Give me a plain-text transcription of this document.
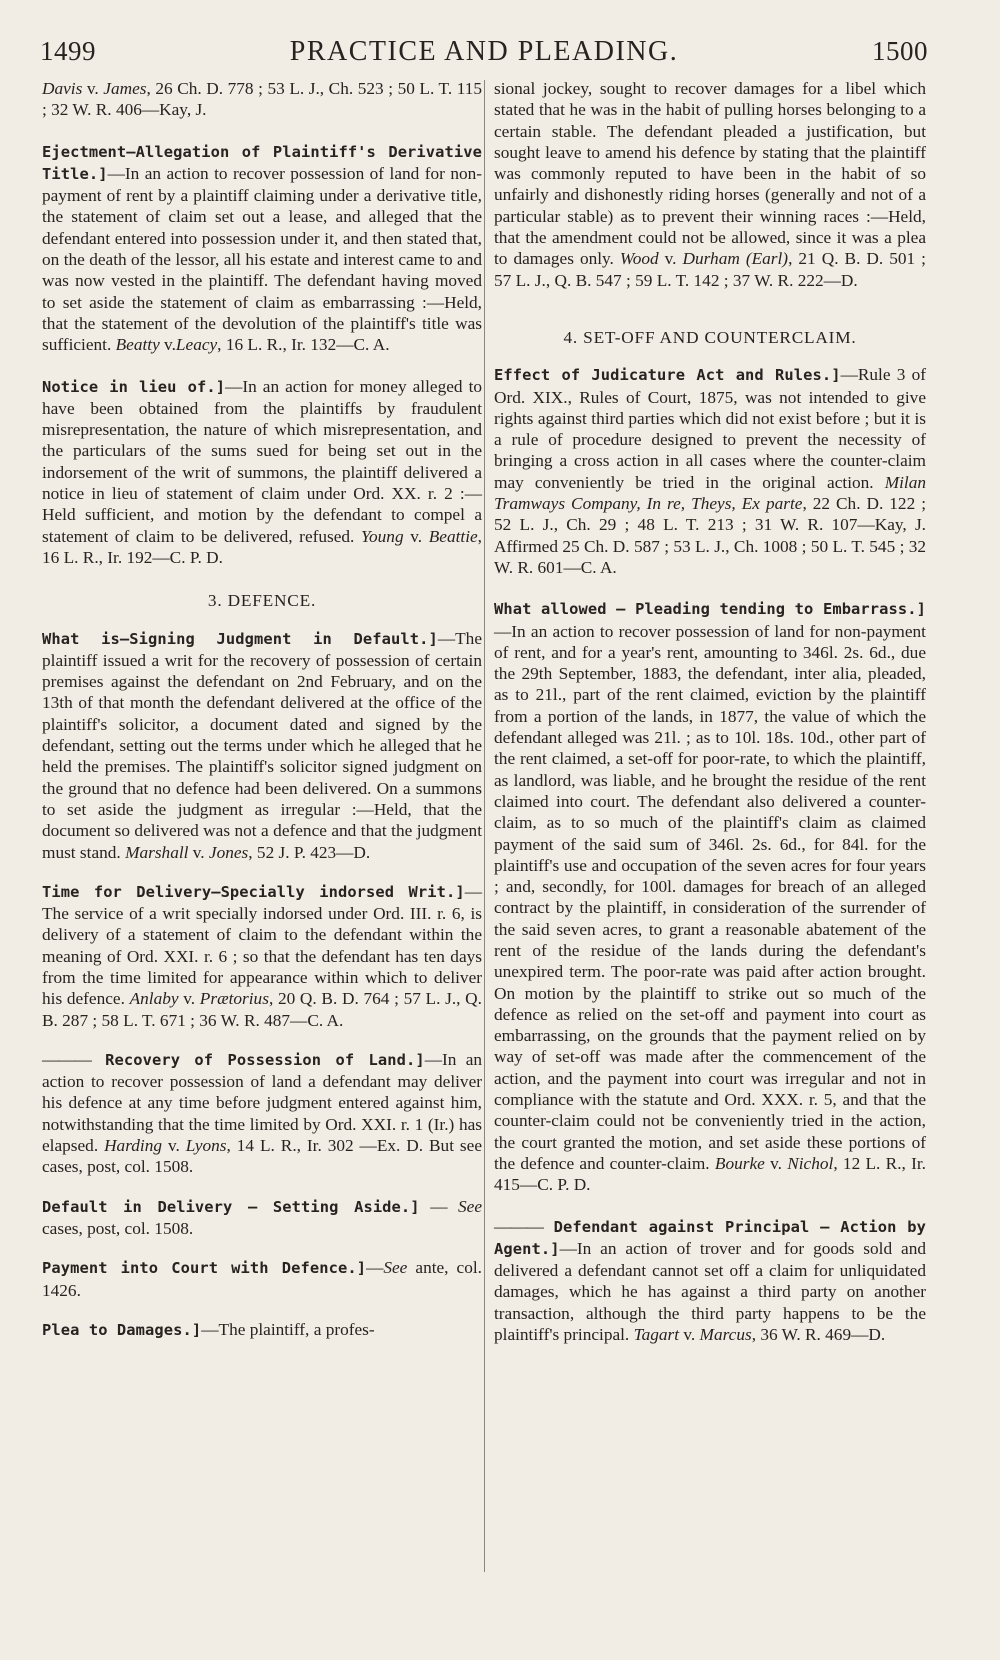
1499	PRACTICE AND PLEADING.	1500

Davis v. James, 26 Ch. D. 778 ; 53 L. J., Ch. 523 ; 50 L. T. 115 ; 32 W. R. 406—Kay, J.

Ejectment—Allegation of Plaintiff's Derivative Title.]—In an action to recover possession of land for non-payment of rent by a plaintiff claiming under a derivative title, the statement of claim set out a lease, and alleged that the defendant entered into possession under it, and then stated that, on the death of the lessor, all his estate and interest came to and was now vested in the plaintiff. The defendant having moved to set aside the statement of claim as embarrassing :—Held, that the statement of the devolution of the plaintiff's title was sufficient. Beatty v.Leacy, 16 L. R., Ir. 132—C. A.

Notice in lieu of.]—In an action for money alleged to have been obtained from the plaintiffs by fraudulent misrepresentation, the nature of which misrepresentation, and the particulars of the sums sued for being set out in the indorsement of the writ of summons, the plaintiff delivered a notice in lieu of statement of claim under Ord. XX. r. 2 :—Held sufficient, and motion by the defendant to compel a statement of claim to be delivered, refused. Young v. Beattie, 16 L. R., Ir. 192—C. P. D.

3. DEFENCE.

What is—Signing Judgment in Default.]—The plaintiff issued a writ for the recovery of possession of certain premises against the defendant on 2nd February, and on the 13th of that month the defendant delivered at the office of the plaintiff's solicitor, a document dated and signed by the defendant, setting out the terms under which he alleged that he held the premises. The plaintiff's solicitor signed judgment on the ground that no defence had been delivered. On a summons to set aside the judgment as irregular :—Held, that the document so delivered was not a defence and that the judgment must stand. Marshall v. Jones, 52 J. P. 423—D.

Time for Delivery—Specially indorsed Writ.]—The service of a writ specially indorsed under Ord. III. r. 6, is delivery of a statement of claim to the defendant within the meaning of Ord. XXI. r. 6 ; so that the defendant has ten days from the time limited for appearance within which to deliver his defence. Anlaby v. Prætorius, 20 Q. B. D. 764 ; 57 L. J., Q. B. 287 ; 58 L. T. 671 ; 36 W. R. 487—C. A.

——— Recovery of Possession of Land.]—In an action to recover possession of land a defendant may deliver his defence at any time before judgment entered against him, notwithstanding that the time limited by Ord. XXI. r. 1 (Ir.) has elapsed. Harding v. Lyons, 14 L. R., Ir. 302 —Ex. D. But see cases, post, col. 1508.

Default in Delivery — Setting Aside.] — See cases, post, col. 1508.

Payment into Court with Defence.]—See ante, col. 1426.

Plea to Damages.]—The plaintiff, a profes-

sional jockey, sought to recover damages for a libel which stated that he was in the habit of pulling horses belonging to a certain stable. The defendant pleaded a justification, but sought leave to amend his defence by stating that the plaintiff was commonly reputed to have been in the habit of so unfairly and dishonestly riding horses (generally and not of a particular stable) as to prevent their winning races :—Held, that the amendment could not be allowed, since it was a plea to damages only. Wood v. Durham (Earl), 21 Q. B. D. 501 ; 57 L. J., Q. B. 547 ; 59 L. T. 142 ; 37 W. R. 222—D.

4. SET-OFF AND COUNTERCLAIM.

Effect of Judicature Act and Rules.]—Rule 3 of Ord. XIX., Rules of Court, 1875, was not intended to give rights against third parties which did not exist before ; but it is a rule of procedure designed to prevent the necessity of bringing a cross action in all cases where the counter-claim may conveniently be tried in the original action. Milan Tramways Company, In re, Theys, Ex parte, 22 Ch. D. 122 ; 52 L. J., Ch. 29 ; 48 L. T. 213 ; 31 W. R. 107—Kay, J. Affirmed 25 Ch. D. 587 ; 53 L. J., Ch. 1008 ; 50 L. T. 545 ; 32 W. R. 601—C. A.

What allowed — Pleading tending to Embarrass.]—In an action to recover possession of land for non-payment of rent, and for a year's rent, amounting to 346l. 2s. 6d., due the 29th September, 1883, the defendant, inter alia, pleaded, as to 21l., part of the rent claimed, eviction by the plaintiff from a portion of the lands, in 1877, the value of which the defendant alleged was 21l. ; as to 10l. 18s. 10d., other part of the rent claimed, a set-off for poor-rate, to which the plaintiff, as landlord, was liable, and he brought the residue of the rent claimed into court. The defendant also delivered a counter-claim, as to so much of the plaintiff's claim as claimed payment of the said sum of 346l. 2s. 6d., for 84l. for the plaintiff's use and occupation of the seven acres for four years ; and, secondly, for 100l. damages for breach of an alleged contract by the plaintiff, in consideration of the surrender of the said seven acres, to grant a reasonable abatement of the rent of the residue of the lands during the defendant's unexpired term. The poor-rate was paid after action brought. On motion by the plaintiff to strike out so much of the defence as relied on the set-off and payment into court as embarrassing, on the grounds that the payment relied on by way of set-off was made after the commencement of the action, and the payment into court was irregular and not in compliance with the statute and Ord. XXX. r. 5, and that the counter-claim could not be conveniently tried in the action, the court granted the motion, and set aside these portions of the defence and counter-claim. Bourke v. Nichol, 12 L. R., Ir. 415—C. P. D.

——— Defendant against Principal — Action by Agent.]—In an action of trover and for goods sold and delivered a defendant cannot set off a claim for unliquidated damages, which he has against a third party on another transaction, although the third party happens to be the plaintiff's principal. Tagart v. Marcus, 36 W. R. 469—D.
